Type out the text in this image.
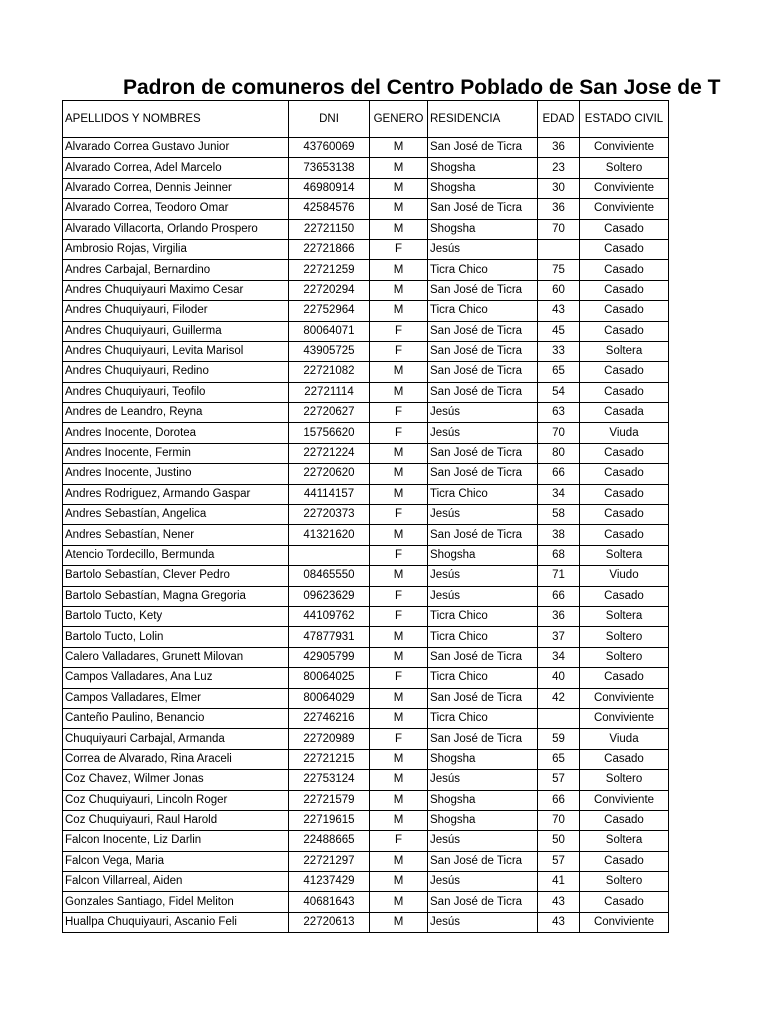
Padron de comuneros del Centro Poblado de San Jose de T
APELLIDOS Y NOMBRES	DNI	GENERO	RESIDENCIA	EDAD	ESTADO CIVIL
Alvarado Correa Gustavo Junior	43760069	M	San José de Ticra	36	Conviviente
Alvarado Correa, Adel Marcelo	73653138	M	Shogsha	23	Soltero
Alvarado Correa, Dennis Jeinner	46980914	M	Shogsha	30	Conviviente
Alvarado Correa, Teodoro Omar	42584576	M	San José de Ticra	36	Conviviente
Alvarado Villacorta, Orlando Prospero	22721150	M	Shogsha	70	Casado
Ambrosio Rojas, Virgilia	22721866	F	Jesús		Casado
Andres Carbajal, Bernardino	22721259	M	Ticra Chico	75	Casado
Andres Chuquiyauri Maximo Cesar	22720294	M	San José de Ticra	60	Casado
Andres Chuquiyauri, Filoder	22752964	M	Ticra Chico	43	Casado
Andres Chuquiyauri, Guillerma	80064071	F	San José de Ticra	45	Casado
Andres Chuquiyauri, Levita Marisol	43905725	F	San José de Ticra	33	Soltera
Andres Chuquiyauri, Redino	22721082	M	San José de Ticra	65	Casado
Andres Chuquiyauri, Teofilo	22721114	M	San José de Ticra	54	Casado
Andres de Leandro, Reyna	22720627	F	Jesús	63	Casada
Andres Inocente, Dorotea	15756620	F	Jesús	70	Viuda
Andres Inocente, Fermin	22721224	M	San José de Ticra	80	Casado
Andres Inocente, Justino	22720620	M	San José de Ticra	66	Casado
Andres Rodriguez, Armando Gaspar	44114157	M	Ticra Chico	34	Casado
Andres Sebastían, Angelica	22720373	F	Jesús	58	Casado
Andres Sebastían, Nener	41321620	M	San José de Ticra	38	Casado
Atencio Tordecillo, Bermunda		F	Shogsha	68	Soltera
Bartolo Sebastían, Clever Pedro	08465550	M	Jesús	71	Viudo
Bartolo Sebastían, Magna Gregoria	09623629	F	Jesús	66	Casado
Bartolo Tucto, Kety	44109762	F	Ticra Chico	36	Soltera
Bartolo Tucto, Lolin	47877931	M	Ticra Chico	37	Soltero
Calero Valladares, Grunett Milovan	42905799	M	San José de Ticra	34	Soltero
Campos Valladares, Ana Luz	80064025	F	Ticra Chico	40	Casado
Campos Valladares, Elmer	80064029	M	San José de Ticra	42	Conviviente
Canteño Paulino, Benancio	22746216	M	Ticra Chico		Conviviente
Chuquiyauri Carbajal, Armanda	22720989	F	San José de Ticra	59	Viuda
Correa de Alvarado, Rina Araceli	22721215	M	Shogsha	65	Casado
Coz Chavez, Wilmer Jonas	22753124	M	Jesús	57	Soltero
Coz Chuquiyauri, Lincoln Roger	22721579	M	Shogsha	66	Conviviente
Coz Chuquiyauri, Raul Harold	22719615	M	Shogsha	70	Casado
Falcon Inocente, Liz Darlin	22488665	F	Jesús	50	Soltera
Falcon Vega, Maria	22721297	M	San José de Ticra	57	Casado
Falcon Villarreal, Aiden	41237429	M	Jesús	41	Soltero
Gonzales Santiago, Fidel Meliton	40681643	M	San José de Ticra	43	Casado
Huallpa Chuquiyauri, Ascanio Feli	22720613	M	Jesús	43	Conviviente
